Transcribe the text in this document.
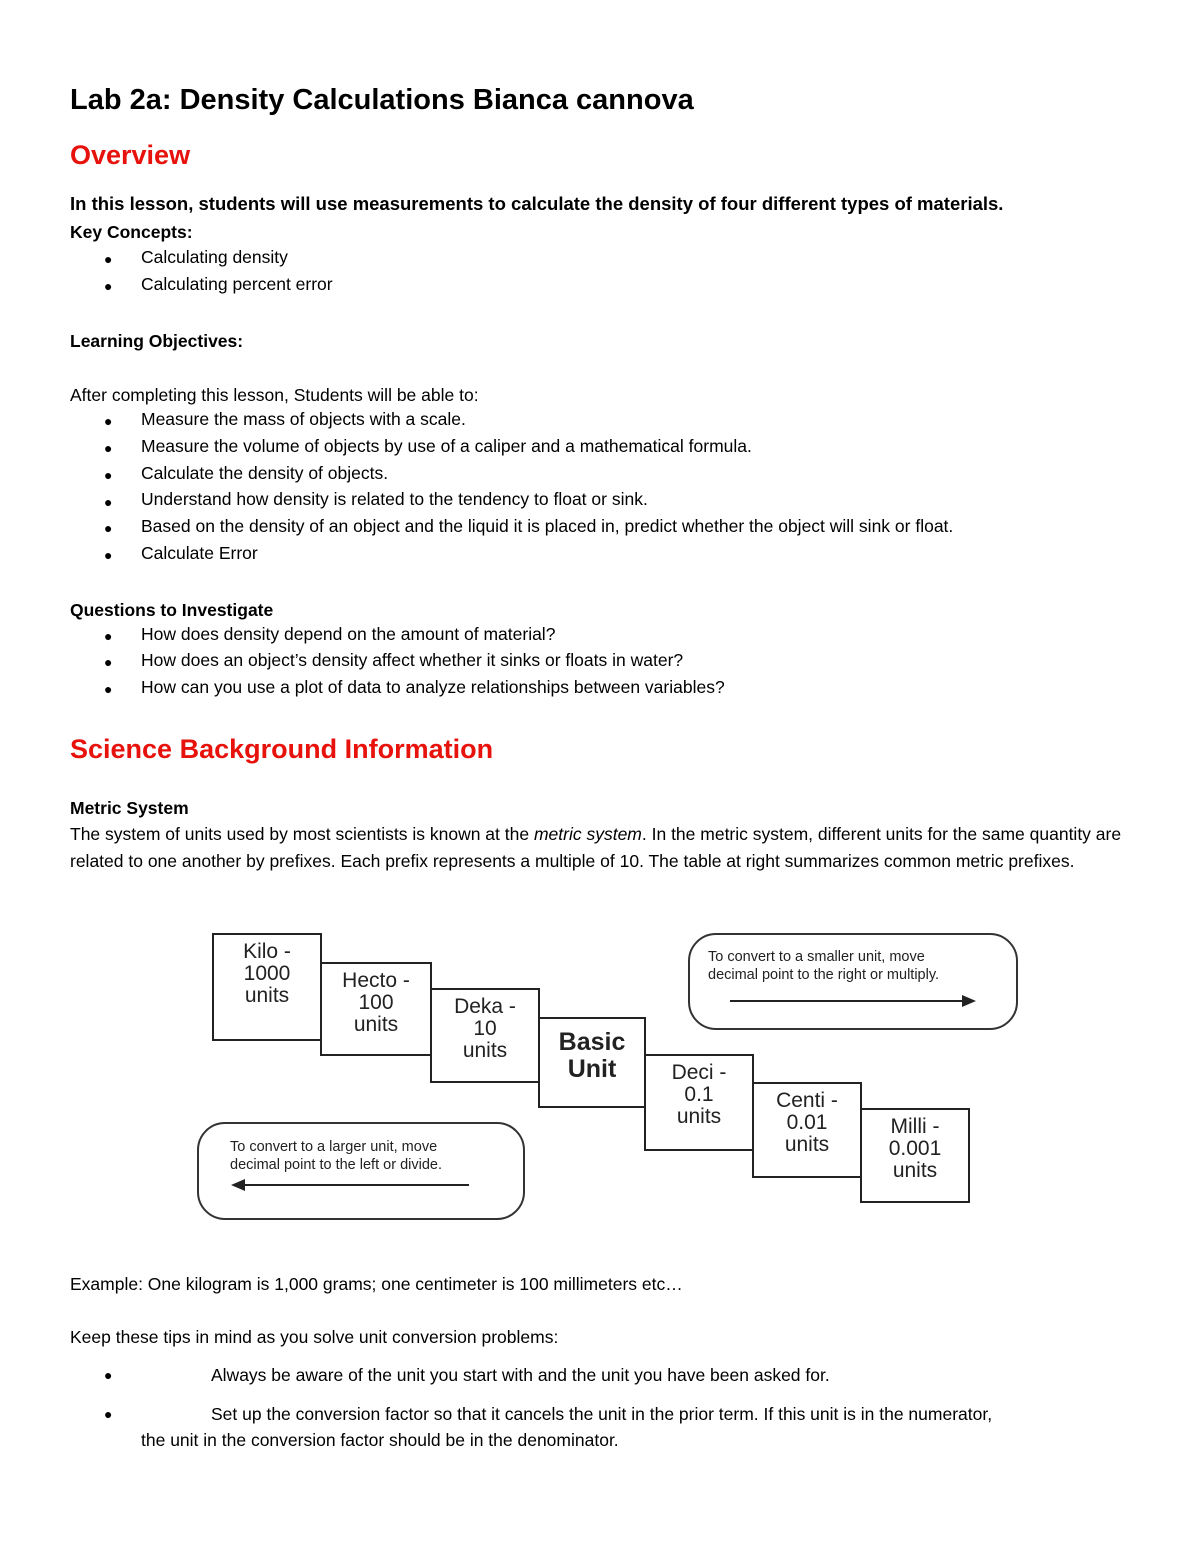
Lab 2a: Density Calculations Bianca cannova
Overview
In this lesson, students will use measurements to calculate the density of four different types of materials.
Key Concepts:
● Calculating density
● Calculating percent error
Learning Objectives:
After completing this lesson, Students will be able to:
● Measure the mass of objects with a scale.
● Measure the volume of objects by use of a caliper and a mathematical formula.
● Calculate the density of objects.
● Understand how density is related to the tendency to float or sink.
● Based on the density of an object and the liquid it is placed in, predict whether the object will sink or float.
● Calculate Error
Questions to Investigate
● How does density depend on the amount of material?
● How does an object’s density affect whether it sinks or floats in water?
● How can you use a plot of data to analyze relationships between variables?
Science Background Information
Metric System
The system of units used by most scientists is known at the metric system. In the metric system, different units for the same quantity are related to one another by prefixes. Each prefix represents a multiple of 10. The table at right summarizes common metric prefixes.
Kilo -
1000
units
Hecto -
100
units
Deka -
10
units	Basic
Unit	Deci -
0.1
units
Centi -
0.01
units
Milli -
0.001
units
To convert to a smaller unit, move
decimal point to the right or multiply.
To convert to a larger unit, move
decimal point to the left or divide.
Example: One kilogram is 1,000 grams; one centimeter is 100 millimeters etc…
Keep these tips in mind as you solve unit conversion problems:
●	Always be aware of the unit you start with and the unit you have been asked for.
●	Set up the conversion factor so that it cancels the unit in the prior term. If this unit is in the numerator,
the unit in the conversion factor should be in the denominator.
